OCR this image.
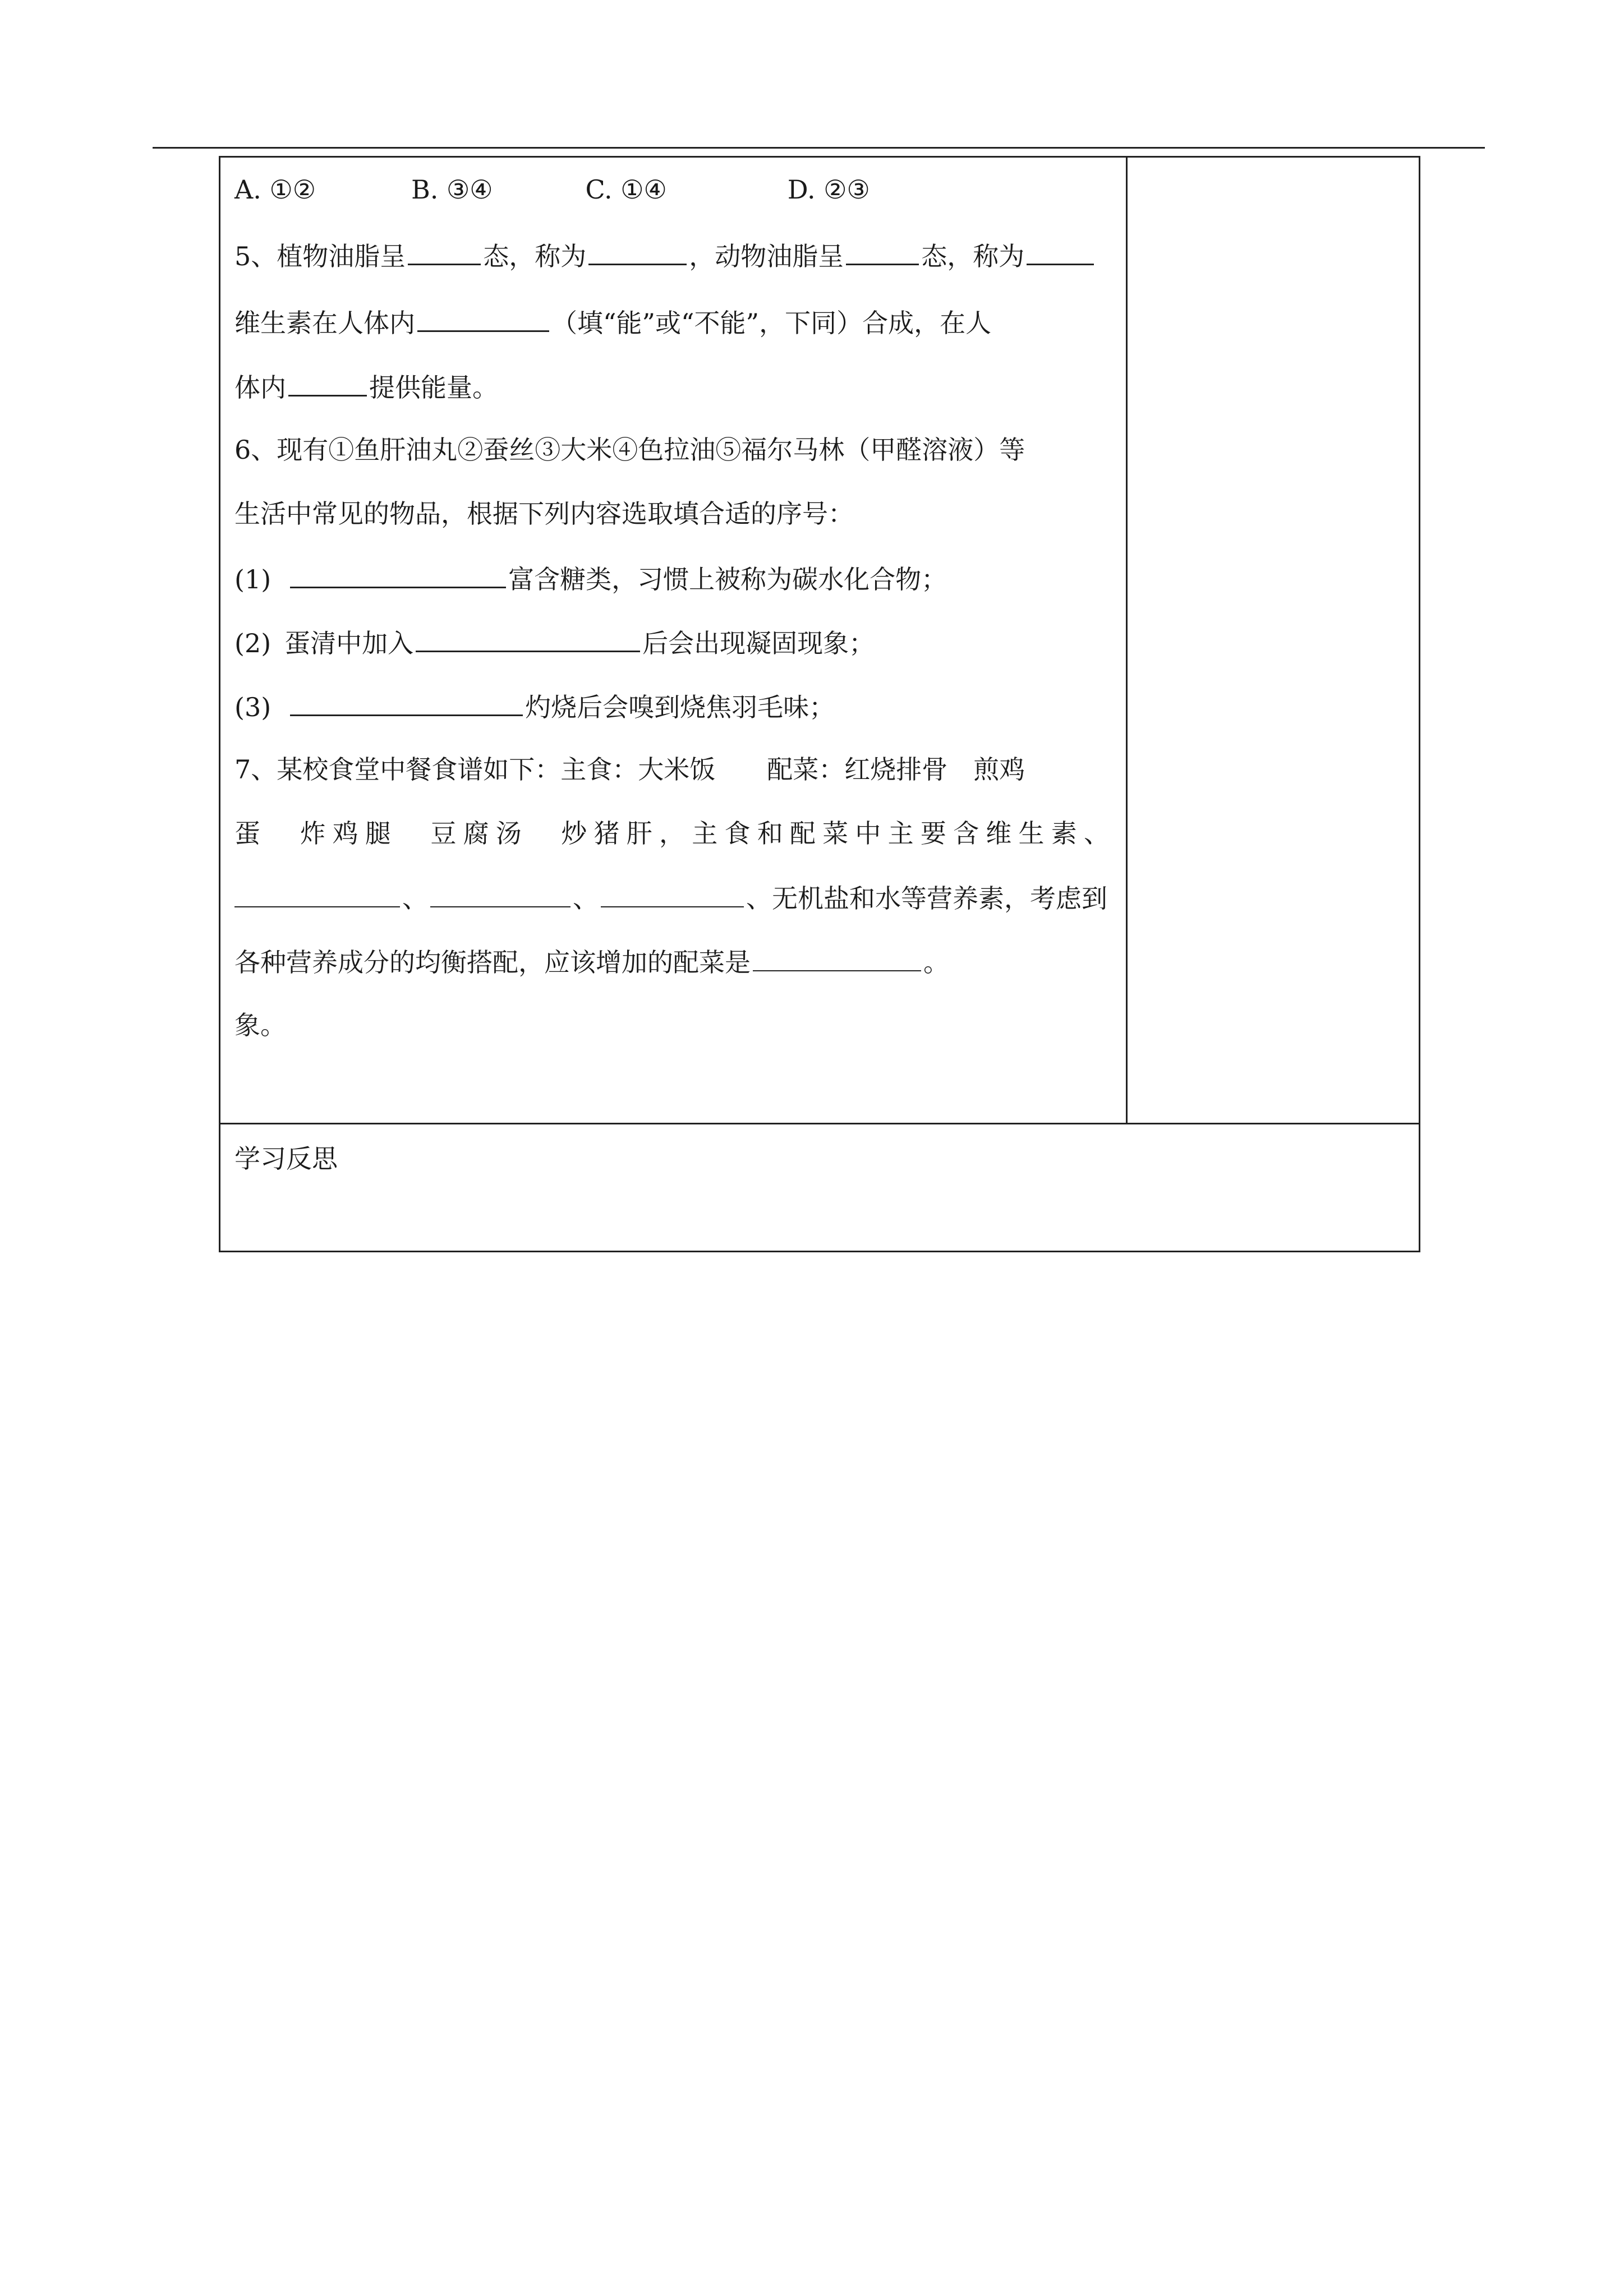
A. ①②	B. ③④	C. ①④	D. ②③
5、植物油脂呈	态，称为	，动物油脂呈	态，称为
维生素在人体内	（填“能”或“不能”，下同）合成，在人
体内	提供能量。
6、现有①鱼肝油丸②蚕丝③大米④色拉油⑤福尔马林（甲醛溶液）等
生活中常见的物品，根据下列内容选取填合适的序号：
(1)	富含糖类，习惯上被称为碳水化合物；
(2) 蛋清中加入	后会出现凝固现象；
(3)	灼烧后会嗅到烧焦羽毛味；
7、某校食堂中餐食谱如下：主食：大米饭　　配菜：红烧排骨　煎鸡
蛋　炸鸡腿　豆腐汤　炒猪肝，主食和配菜中主要含维生素、
、	、	、无机盐和水等营养素，考虑到
各种营养成分的均衡搭配，应该增加的配菜是	。
象。
学习反思
